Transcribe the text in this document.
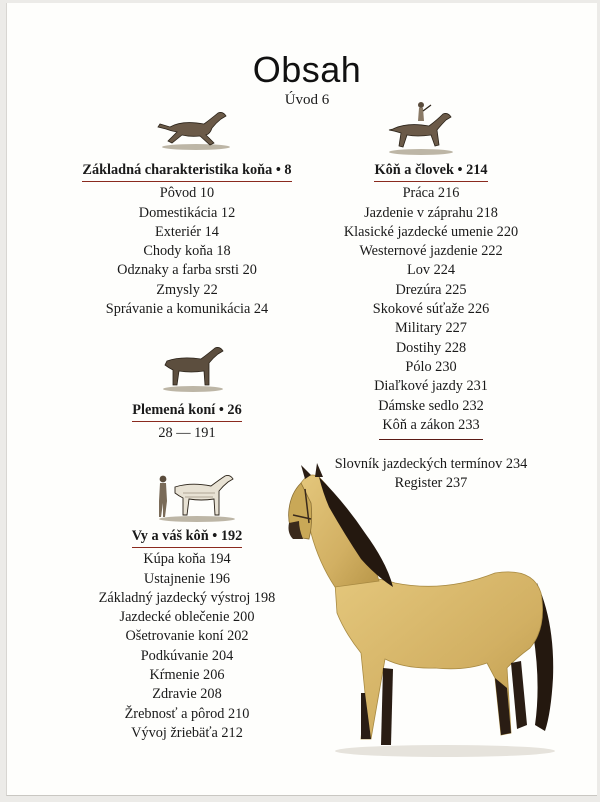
Obsah
Úvod 6
Základná charakteristika koňa • 8
Pôvod 10
Domestikácia 12
Exteriér 14
Chody koňa 18
Odznaky a farba srsti 20
Zmysly 22
Správanie a komunikácia 24
Plemená koní • 26
28 — 191
Vy a váš kôň • 192
Kúpa koňa 194
Ustajnenie 196
Základný jazdecký výstroj 198
Jazdecké oblečenie 200
Ošetrovanie koní 202
Podkúvanie 204
Kŕmenie 206
Zdravie 208
Žrebnosť a pôrod 210
Vývoj žriebäťa 212
Kôň a človek • 214
Práca 216
Jazdenie v záprahu 218
Klasické jazdecké umenie 220
Westernové jazdenie 222
Lov 224
Drezúra 225
Skokové súťaže 226
Military 227
Dostihy 228
Pólo 230
Diaľkové jazdy 231
Dámske sedlo 232
Kôň a zákon 233
Slovník jazdeckých termínov 234
Register 237
